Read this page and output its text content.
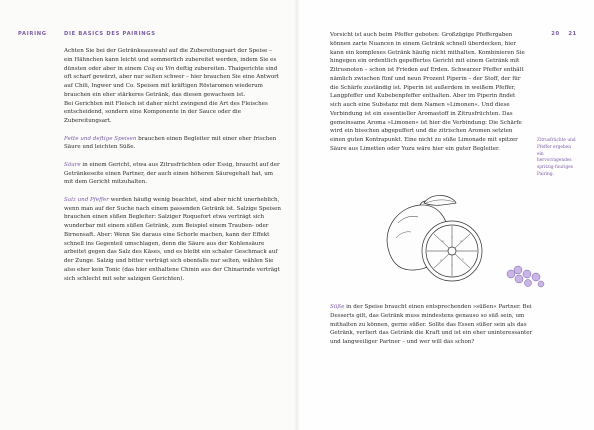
PAIRING	DIE BASICS DES PAIRINGS	20 21

Achten Sie bei der Getränkeauswahl auf die Zubereitungsart der Speise – ein Hähnchen kann leicht und sommerlich zubereitet werden, indem Sie es dünsten oder aber in einem Coq au Vin deftig zubereiten. Thaigerichte sind oft scharf gewürzt, aber nur selten schwer – hier brauchen Sie eine Antwort auf Chili, Ingwer und Co. Speisen mit kräftigen Röstaromen wiederum brauchen ein eher stärkeres Getränk, das diesen gewachsen ist.

Bei Gerichten mit Fleisch ist daher nicht zwingend die Art des Fleisches entscheidend, sondern eine Komponente in der Sauce oder die Zubereitungsart.

Fette und deftige Speisen brauchen einen Begleiter mit einer eher frischen Säure und leichten Süße.

Säure in einem Gericht, etwa aus Zitrusfrüchten oder Essig, braucht auf der Getränkeseite einen Partner, der auch einen höheren Säuregehalt hat, um mit dem Gericht mitzuhalten.

Salz und Pfeffer werden häufig wenig beachtet, sind aber nicht unerheblich, wenn man auf der Suche nach einem passenden Getränk ist. Salzige Speisen brauchen einen süßen Begleiter: Salziger Roquefort etwa verträgt sich wunderbar mit einem süßen Getränk, zum Beispiel einem Trauben- oder Birnensaft. Aber: Wenn Sie daraus eine Schorle machen, kann der Effekt schnell ins Gegenteil umschlagen, denn die Säure aus der Kohlensäure arbeitet gegen das Salz des Käses, und es bleibt ein schaler Geschmack auf der Zunge. Salzig und bitter verträgt sich ebenfalls nur selten, wählen Sie also eher kein Tonic (das hier enthaltene Chinin aus der Chinarinde verträgt sich schlecht mit sehr salzigen Gerichten).

Vorsicht ist auch beim Pfeffer geboten: Großzügige Pfeffergaben können zarte Nuancen in einem Getränk schnell überdecken, hier kann ein komplexes Getränk häufig nicht mithalten. Kombinieren Sie hingegen ein ordentlich gepeffertes Gericht mit einem Getränk mit Zitrusnoten – schon ist Frieden auf Erden. Schwarzer Pfeffer enthält nämlich zwischen fünf und neun Prozent Piperin – der Stoff, der für die Schärfe zuständig ist. Piperin ist außerdem in weißem Pfeffer, Langpfeffer und Kubebenpfeffer enthalten. Aber im Piperin findet sich auch eine Substanz mit dem Namen »Limonen«. Und diese Verbindung ist ein essentieller Aromastoff in Zitrusfrüchten. Das gemeinsame Aroma »Limonen« ist hier die Verbindung: Die Schärfe wird ein bisschen abgepuffert und die zitrischen Aromen setzten einen guten Kontrapunkt. Eine nicht zu süße Limonade mit spitzer Säure aus Limetten oder Yuzu wäre hier ein guter Begleiter.

Zitrusfrüchte und Pfeffer ergeben ein hervorragendes spritzig-fuuriges Pairing.

Süße in der Speise braucht einen entsprechenden »süßen« Partner. Bei Desserts gilt, das Getränk muss mindestens genauso so süß sein, um mithalten zu können, gerne süßer. Sollte das Essen süßer sein als das Getränk, verliert das Getränk die Kraft und ist ein eher uninteressanter und langweiliger Partner – und wer will das schon?
